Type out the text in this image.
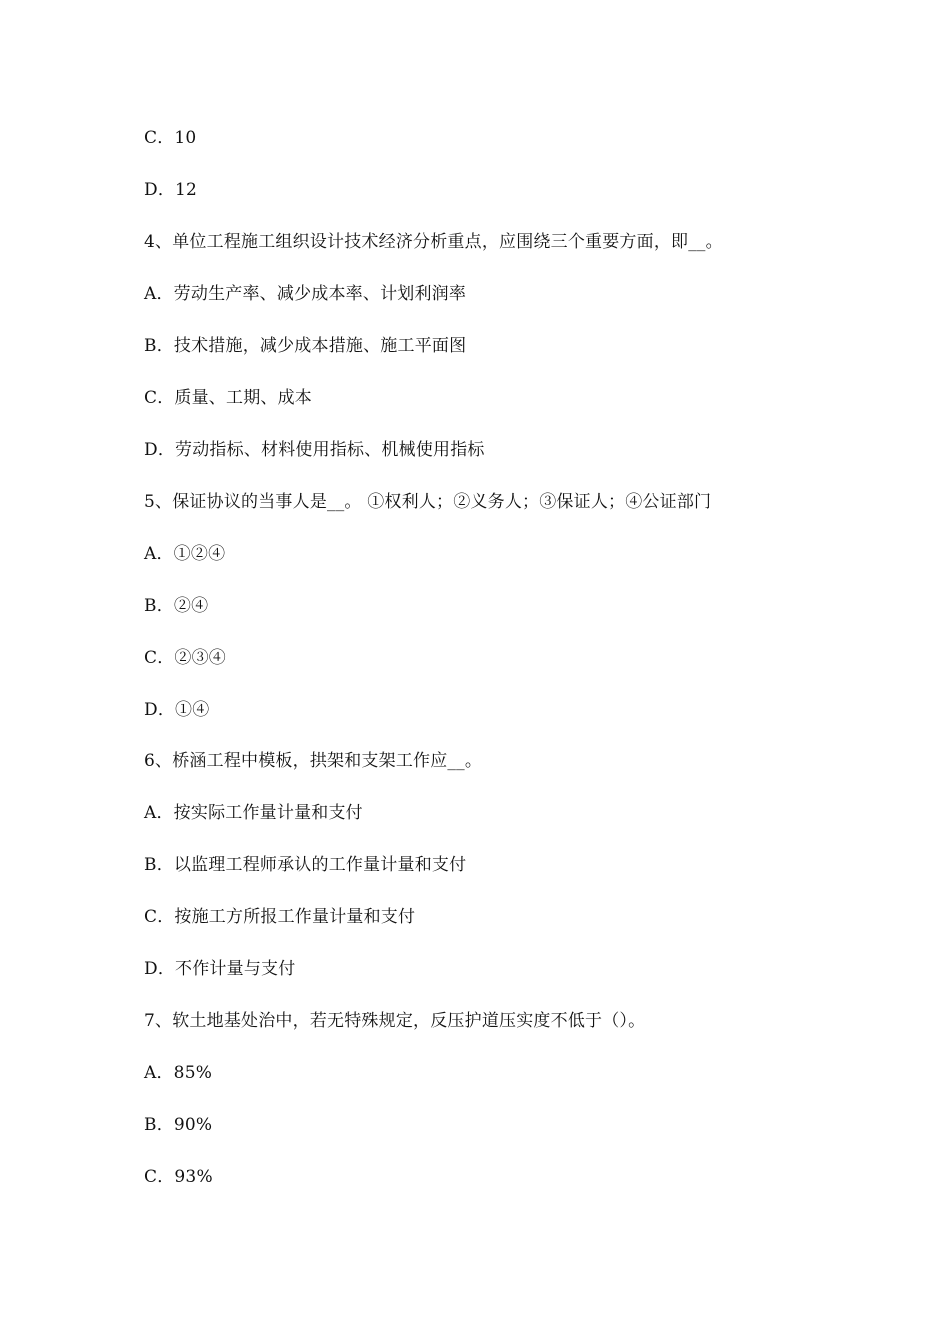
C．10
D．12
4、单位工程施工组织设计技术经济分析重点，应围绕三个重要方面，即__。
A．劳动生产率、减少成本率、计划利润率
B．技术措施，减少成本措施、施工平面图
C．质量、工期、成本
D．劳动指标、材料使用指标、机械使用指标
5、保证协议的当事人是__。 ①权利人；②义务人；③保证人；④公证部门
A．①②④
B．②④
C．②③④
D．①④
6、桥涵工程中模板，拱架和支架工作应__。
A．按实际工作量计量和支付
B．以监理工程师承认的工作量计量和支付
C．按施工方所报工作量计量和支付
D．不作计量与支付
7、软土地基处治中，若无特殊规定，反压护道压实度不低于（）。
A．85%
B．90%
C．93%
